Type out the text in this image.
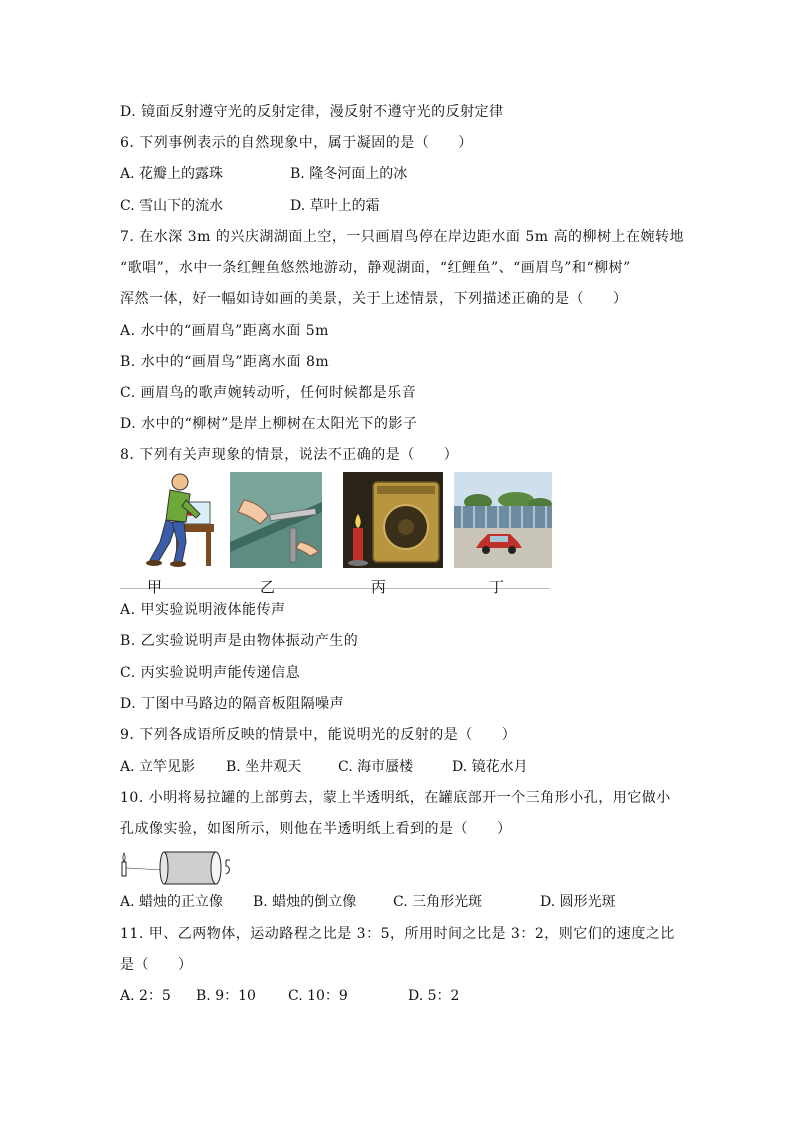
D. 镜面反射遵守光的反射定律，漫反射不遵守光的反射定律
6. 下列事例表示的自然现象中，属于凝固的是（　　）
A. 花瓣上的露珠	B. 隆冬河面上的冰
C. 雪山下的流水	D. 草叶上的霜
7. 在水深 3m 的兴庆湖湖面上空，一只画眉鸟停在岸边距水面 5m 高的柳树上在婉转地
“歌唱”，水中一条红鲤鱼悠然地游动，静观湖面，“红鲤鱼”、“画眉鸟”和“柳树”
浑然一体，好一幅如诗如画的美景，关于上述情景，下列描述正确的是（　　）
A. 水中的“画眉鸟”距离水面 5m
B. 水中的“画眉鸟”距离水面 8m
C. 画眉鸟的歌声婉转动听，任何时候都是乐音
D. 水中的“柳树”是岸上柳树在太阳光下的影子
8. 下列有关声现象的情景，说法不正确的是（　　）
甲	乙	丙	丁
A. 甲实验说明液体能传声
B. 乙实验说明声是由物体振动产生的
C. 丙实验说明声能传递信息
D. 丁图中马路边的隔音板阻隔噪声
9. 下列各成语所反映的情景中，能说明光的反射的是（　　）
A. 立竿见影 B. 坐井观天	C. 海市蜃楼	D. 镜花水月
10. 小明将易拉罐的上部剪去，蒙上半透明纸，在罐底部开一个三角形小孔，用它做小
孔成像实验，如图所示，则他在半透明纸上看到的是（　　）
A. 蜡烛的正立像 B. 蜡烛的倒立像	C. 三角形光斑	D. 圆形光斑
11. 甲、乙两物体，运动路程之比是 3：5，所用时间之比是 3：2，则它们的速度之比
是（　　）
A. 2：5 B. 9：10 C. 10：9	D. 5：2
